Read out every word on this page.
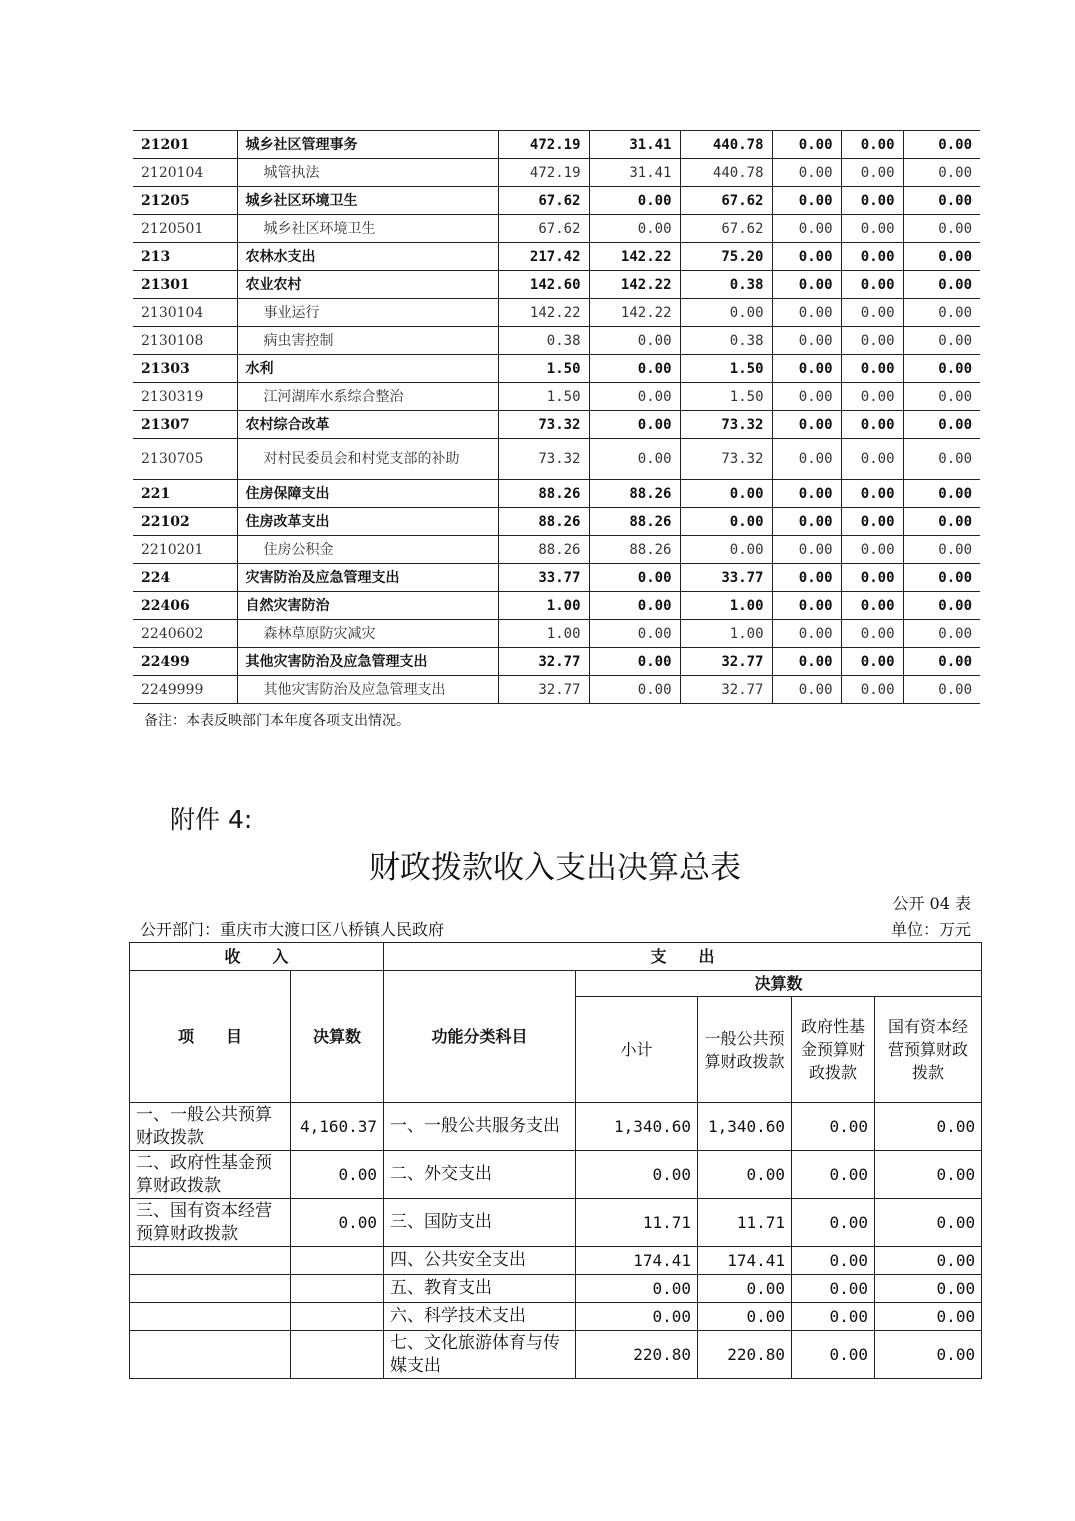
21201	城乡社区管理事务	472.19	31.41	440.78	0.00	0.00	0.00
2120104	城管执法	472.19	31.41	440.78	0.00	0.00	0.00
21205	城乡社区环境卫生	67.62	0.00	67.62	0.00	0.00	0.00
2120501	城乡社区环境卫生	67.62	0.00	67.62	0.00	0.00	0.00
213	农林水支出	217.42	142.22	75.20	0.00	0.00	0.00
21301	农业农村	142.60	142.22	0.38	0.00	0.00	0.00
2130104	事业运行	142.22	142.22	0.00	0.00	0.00	0.00
2130108	病虫害控制	0.38	0.00	0.38	0.00	0.00	0.00
21303	水利	1.50	0.00	1.50	0.00	0.00	0.00
2130319	江河湖库水系综合整治	1.50	0.00	1.50	0.00	0.00	0.00
21307	农村综合改革	73.32	0.00	73.32	0.00	0.00	0.00
2130705	对村民委员会和村党支部的补助	73.32	0.00	73.32	0.00	0.00	0.00
221	住房保障支出	88.26	88.26	0.00	0.00	0.00	0.00
22102	住房改革支出	88.26	88.26	0.00	0.00	0.00	0.00
2210201	住房公积金	88.26	88.26	0.00	0.00	0.00	0.00
224	灾害防治及应急管理支出	33.77	0.00	33.77	0.00	0.00	0.00
22406	自然灾害防治	1.00	0.00	1.00	0.00	0.00	0.00
2240602	森林草原防灾减灾	1.00	0.00	1.00	0.00	0.00	0.00
22499	其他灾害防治及应急管理支出	32.77	0.00	32.77	0.00	0.00	0.00
2249999	其他灾害防治及应急管理支出	32.77	0.00	32.77	0.00	0.00	0.00
备注：本表反映部门本年度各项支出情况。
附件 4:
财政拨款收入支出决算总表
公开 04 表
公开部门：重庆市大渡口区八桥镇人民政府	单位：万元
收　　入		支　　出				
项　　目	决算数	功能分类科目	决算数			
			小计	一般公共预算财政拨款	政府性基金预算财政拨款	国有资本经营预算财政拨款
一、一般公共预算财政拨款	4,160.37	一、一般公共服务支出	1,340.60	1,340.60	0.00	0.00
二、政府性基金预算财政拨款	0.00	二、外交支出	0.00	0.00	0.00	0.00
三、国有资本经营预算财政拨款	0.00	三、国防支出	11.71	11.71	0.00	0.00
		四、公共安全支出	174.41	174.41	0.00	0.00
		五、教育支出	0.00	0.00	0.00	0.00
		六、科学技术支出	0.00	0.00	0.00	0.00
		七、文化旅游体育与传媒支出	220.80	220.80	0.00	0.00
